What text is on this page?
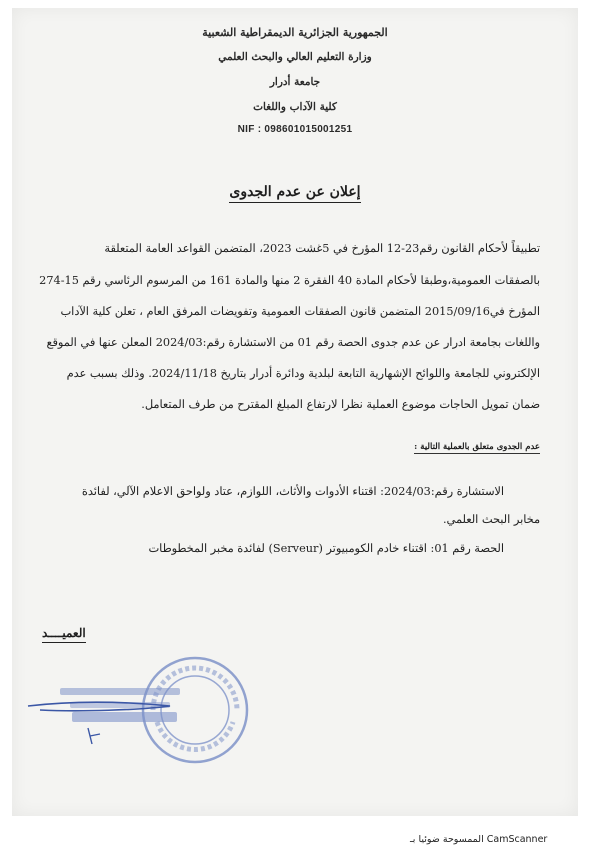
الجمهورية الجزائرية الديمقراطية الشعبية
وزارة التعليم العالي والبحث العلمي
جامعة أدرار
كلية الآداب واللغات
NIF : 098601015001251
إعلان عن عدم الجدوى
تطبيقاً لأحكام القانون رقم23-12 المؤرخ في 5غشت 2023، المتضمن القواعد العامة المتعلقة
بالصفقات العمومية،وطبقا لأحكام المادة 40 الفقرة 2 منها والمادة 161 من المرسوم الرئاسي رقم 15-274
المؤرخ في2015/09/16 المتضمن قانون الصفقات العمومية وتفويضات المرفق العام ، تعلن كلية الآداب
واللغات بجامعة ادرار عن عدم جدوى الحصة رقم 01 من الاستشارة رقم:2024/03 المعلن عنها في الموقع
الإلكتروني للجامعة واللوائح الإشهارية التابعة لبلدية ودائرة أدرار بتاريخ 2024/11/18. وذلك بسبب عدم
ضمان تمويل الحاجات موضوع العملية نظرا لارتفاع المبلغ المقترح من طرف المتعامل.
عدم الجدوى متعلق بالعملية التالية :
الاستشارة رقم:2024/03: اقتناء الأدوات والأثاث، اللوازم، عتاد ولواحق الاعلام الآلي، لفائدة
مخابر البحث العلمي.
الحصة رقم 01: اقتناء خادم الكومبيوتر (Serveur) لفائدة مخبر المخطوطات
العميــــد
الممسوحة ضوئيا بـ CamScanner
